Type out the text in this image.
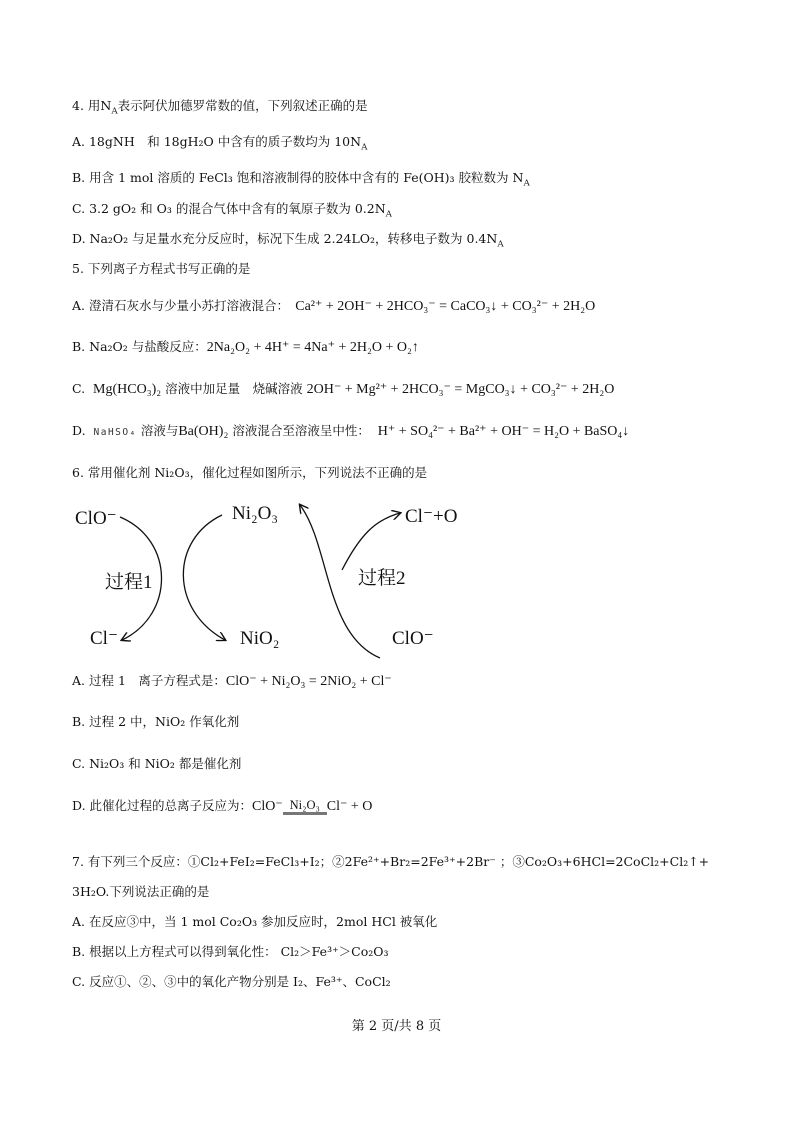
4. 用$N_A$表示阿伏加德罗常数的值，下列叙述正确的是
A. 18gNH　和 18gH₂O 中含有的质子数均为 $10N_A$
B. 用含 1 mol 溶质的 FeCl₃ 饱和溶液制得的胶体中含有的 Fe(OH)₃ 胶粒数为 $N_A$
C. 3.2 gO₂ 和 O₃ 的混合气体中含有的氧原子数为 $0.2N_A$
D. Na₂O₂ 与足量水充分反应时，标况下生成 2.24LO₂，转移电子数为 $0.4N_A$
5. 下列离子方程式书写正确的是
A. 澄清石灰水与少量小苏打溶液混合：　 Ca²⁺ + 2OH⁻ + 2HCO₃⁻ = CaCO₃↓ + CO₃²⁻ + 2H₂O
B. Na₂O₂ 与盐酸反应：2Na₂O₂ + 4H⁺ = 4Na⁺ + 2H₂O + O₂↑
C. Mg(HCO₃)₂ 溶液中加足量　烧碱溶液 2OH⁻ + Mg²⁺ + 2HCO₃⁻ = MgCO₃↓ + CO₃²⁻ + 2H₂O
D. NaHSO₄ 溶液与Ba(OH)₂ 溶液混合至溶液呈中性： H⁺ + SO₄²⁻ + Ba²⁺ + OH⁻ = H₂O + BaSO₄↓
6. 常用催化剂 Ni₂O₃，催化过程如图所示，下列说法不正确的是
ClO⁻	Ni₂O₃	Cl⁻+O
过程1	过程2
Cl⁻	NiO₂	ClO⁻
A. 过程 1　离子方程式是：ClO⁻ + Ni₂O₃ = 2NiO₂ + Cl⁻
B. 过程 2 中，NiO₂ 作氧化剂
C. Ni₂O₃ 和 NiO₂ 都是催化剂
D. 此催化过程的总离子反应为：ClO⁻ Ni₂O₃ Cl⁻ + O
7. 有下列三个反应：①Cl₂+FeI₂=FeCl₃+I₂；②2Fe²⁺+Br₂=2Fe³⁺+2Br⁻ ；③Co₂O₃+6HCl=2CoCl₂+Cl₂↑+
3H₂O.下列说法正确的是
A. 在反应③中，当 1 mol Co₂O₃ 参加反应时，2mol HCl 被氧化
B. 根据以上方程式可以得到氧化性： Cl₂＞Fe³⁺＞Co₂O₃
C. 反应①、②、③中的氧化产物分别是 I₂、Fe³⁺、CoCl₂
第 2 页/共 8 页
